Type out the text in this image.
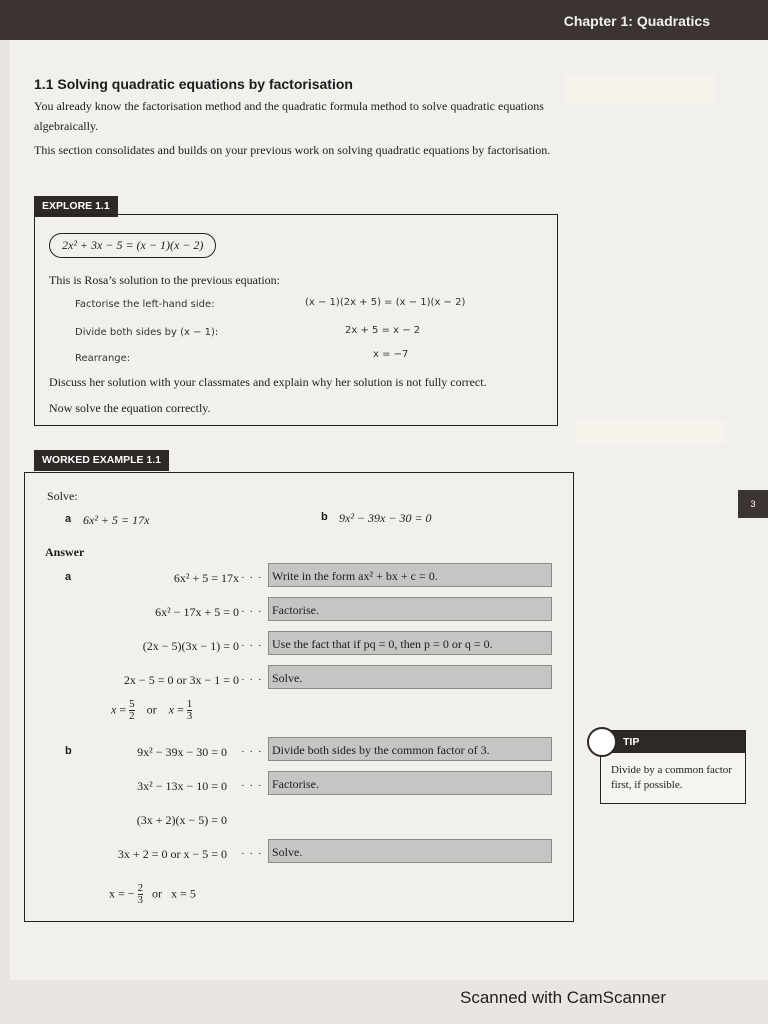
Chapter 1: Quadratics
3
1.1 Solving quadratic equations by factorisation
You already know the factorisation method and the quadratic formula method to solve quadratic equations algebraically.
This section consolidates and builds on your previous work on solving quadratic equations by factorisation.
EXPLORE 1.1
2x² + 3x − 5 = (x − 1)(x − 2)
This is Rosa’s solution to the previous equation:
Factorise the left-hand side:	(x − 1)(2x + 5) = (x − 1)(x − 2)
Divide both sides by (x − 1):	2x + 5 = x − 2
Rearrange:	x = −7
Discuss her solution with your classmates and explain why her solution is not fully correct.
Now solve the equation correctly.
WORKED EXAMPLE 1.1
Solve:
a 6x² + 5 = 17x	b 9x² − 39x − 30 = 0
Answer
a	6x² + 5 = 17x · · · Write in the form ax² + bx + c = 0.
6x² − 17x + 5 = 0 · · · Factorise.
(2x − 5)(3x − 1) = 0 · · · Use the fact that if pq = 0, then p = 0 or q = 0.
2x − 5 = 0 or 3x − 1 = 0 · · · Solve.
$x = \frac{5}{2}$ or $x = \frac{1}{3}$
b	9x² − 39x − 30 = 0 · · · Divide both sides by the common factor of 3.
3x² − 13x − 10 = 0 · · · Factorise.
(3x + 2)(x − 5) = 0
3x + 2 = 0 or x − 5 = 0 · · · Solve.
x = − $\frac{2}{3}$ or x = 5
TIP
Divide by a common factor first, if possible.
Scanned with CamScanner
